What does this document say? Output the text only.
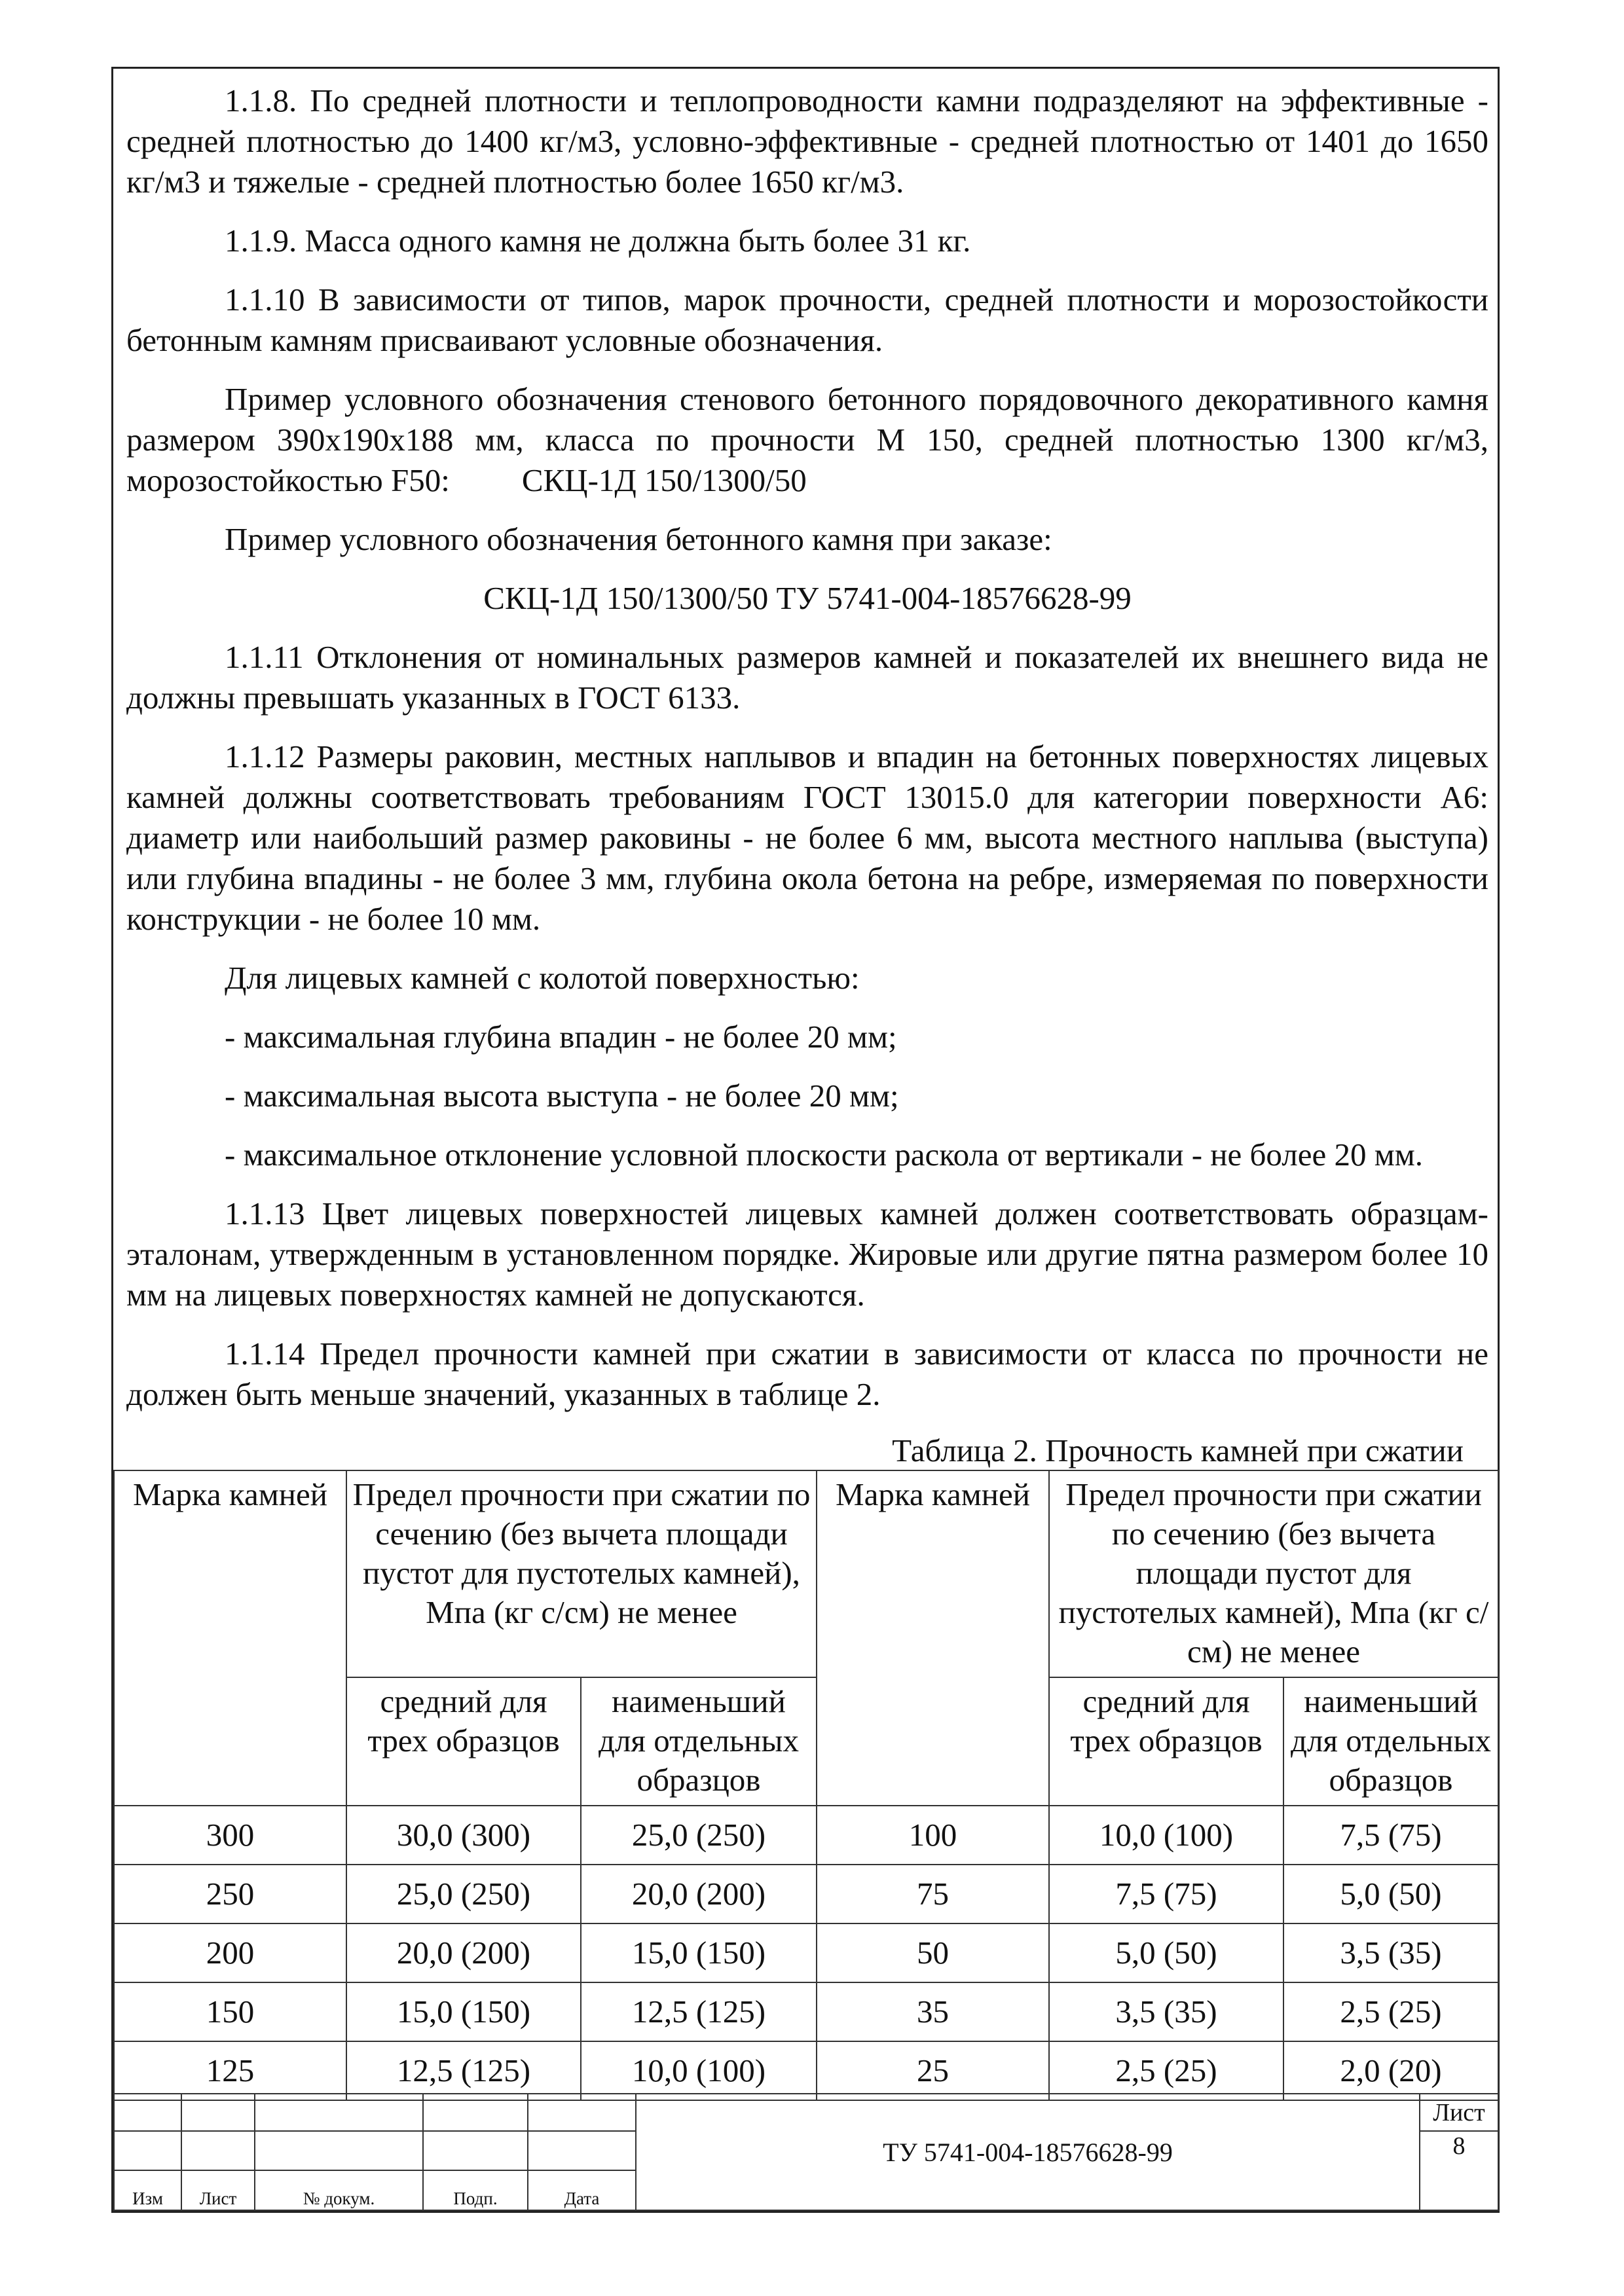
1.1.8. По средней плотности и теплопроводности камни подразделяют на эффективные - средней плотностью до 1400 кг/м3, условно-эффективные - средней плотностью от 1401 до 1650 кг/м3 и тяжелые - средней плотностью более 1650 кг/м3.

1.1.9. Масса одного камня не должна быть более 31 кг.

1.1.10 В зависимости от типов, марок прочности, средней плотности и морозостойкости бетонным камням присваивают условные обозначения.

Пример условного обозначения стенового бетонного порядовочного декоративного камня размером 390х190х188 мм, класса по прочности М 150, средней плотностью 1300 кг/м3, морозостойкостью F50: СКЦ-1Д 150/1300/50

Пример условного обозначения бетонного камня при заказе:

СКЦ-1Д 150/1300/50 ТУ 5741-004-18576628-99

1.1.11 Отклонения от номинальных размеров камней и показателей их внешнего вида не должны превышать указанных в ГОСТ 6133.

1.1.12 Размеры раковин, местных наплывов и впадин на бетонных поверхностях лицевых камней должны соответствовать требованиям ГОСТ 13015.0 для категории поверхности А6: диаметр или наибольший размер раковины - не более 6 мм, высота местного наплыва (выступа) или глубина впадины - не более 3 мм, глубина окола бетона на ребре, измеряемая по поверхности конструкции - не более 10 мм.

Для лицевых камней с колотой поверхностью:

- максимальная глубина впадин - не более 20 мм;

- максимальная высота выступа - не более 20 мм;

- максимальное отклонение условной плоскости раскола от вертикали - не более 20 мм.

1.1.13 Цвет лицевых поверхностей лицевых камней должен соответствовать образцам-эталонам, утвержденным в установленном порядке. Жировые или другие пятна размером более 10 мм на лицевых поверхностях камней не допускаются.

1.1.14 Предел прочности камней при сжатии в зависимости от класса по прочности не должен быть меньше значений, указанных в таблице 2.

Таблица 2. Прочность камней при сжатии
Марка камней	Предел прочности при сжатии по сечению (без вычета площади пустот для пустотелых камней), Мпа (кг с/см) не менее		Марка камней	Предел прочности при сжатии по сечению (без вычета площади пустот для пустотелых камней), Мпа (кг с/см) не менее	
	средний для трех образцов	наименьший для отдельных образцов		средний для трех образцов	наименьший для отдельных образцов
300	30,0 (300)	25,0 (250)	100	10,0 (100)	7,5 (75)
250	25,0 (250)	20,0 (200)	75	7,5 (75)	5,0 (50)
200	20,0 (200)	15,0 (150)	50	5,0 (50)	3,5 (35)
150	15,0 (150)	12,5 (125)	35	3,5 (35)	2,5 (25)
125	12,5 (125)	10,0 (100)	25	2,5 (25)	2,0 (20)
					ТУ 5741-004-18576628-99	Лист
						8
Изм	Лист	№ докум.	Подп.	Дата		
